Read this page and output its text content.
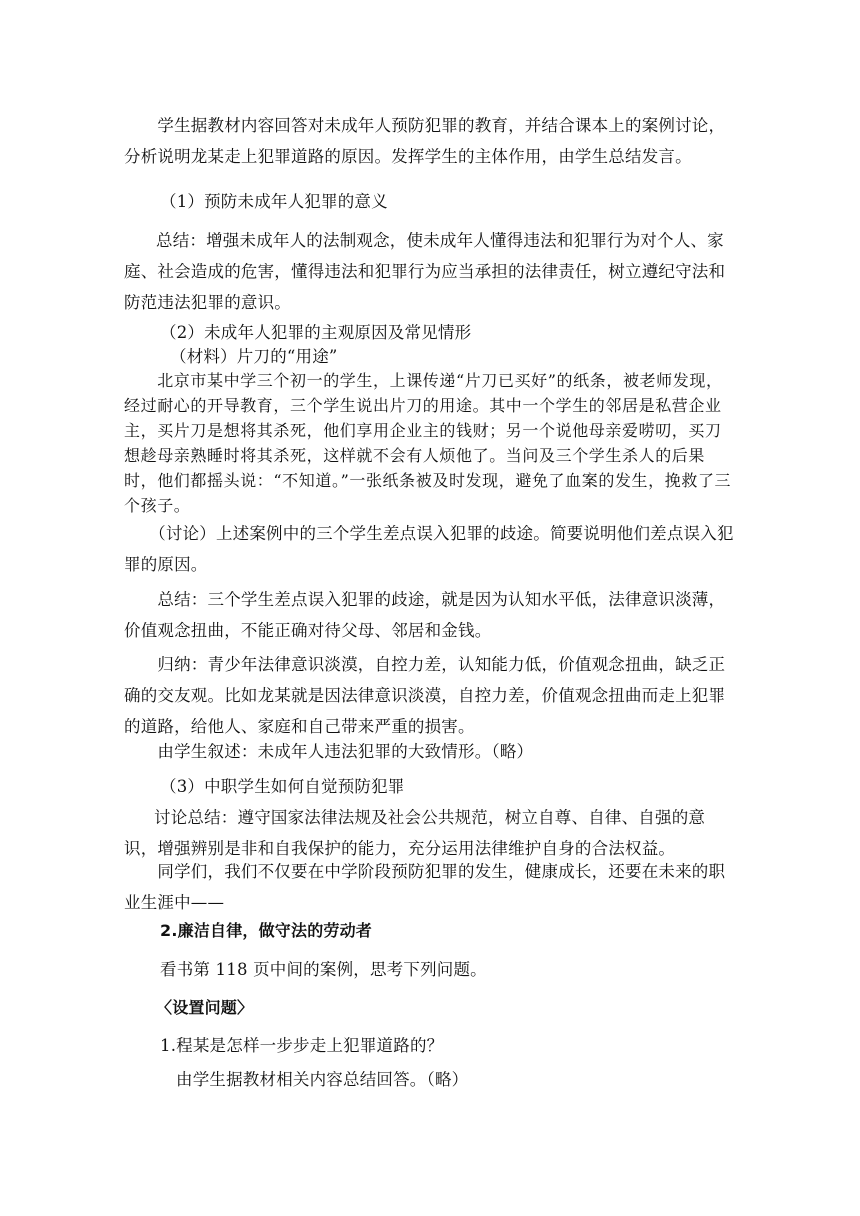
　　学生据教材内容回答对未成年人预防犯罪的教育，并结合课本上的案例讨论，分析说明龙某走上犯罪道路的原因。发挥学生的主体作用，由学生总结发言。

（1）预防未成年人犯罪的意义

总结：增强未成年人的法制观念，使未成年人懂得违法和犯罪行为对个人、家庭、社会造成的危害，懂得违法和犯罪行为应当承担的法律责任，树立遵纪守法和防范违法犯罪的意识。

（2）未成年人犯罪的主观原因及常见情形

（材料）片刀的“用途”

　　北京市某中学三个初一的学生，上课传递“片刀已买好”的纸条，被老师发现，经过耐心的开导教育，三个学生说出片刀的用途。其中一个学生的邻居是私营企业主，买片刀是想将其杀死，他们享用企业主的钱财；另一个说他母亲爱唠叨，买刀想趁母亲熟睡时将其杀死，这样就不会有人烦他了。当问及三个学生杀人的后果时，他们都摇头说：“不知道。”一张纸条被及时发现，避免了血案的发生，挽救了三个孩子。

　　（讨论）上述案例中的三个学生差点误入犯罪的歧途。简要说明他们差点误入犯罪的原因。

　　总结：三个学生差点误入犯罪的歧途，就是因为认知水平低，法律意识淡薄，价值观念扭曲，不能正确对待父母、邻居和金钱。

　　归纳：青少年法律意识淡漠，自控力差，认知能力低，价值观念扭曲，缺乏正确的交友观。比如龙某就是因法律意识淡漠，自控力差，价值观念扭曲而走上犯罪的道路，给他人、家庭和自己带来严重的损害。

　　由学生叙述：未成年人违法犯罪的大致情形。（略）

（3）中职学生如何自觉预防犯罪

讨论总结：遵守国家法律法规及社会公共规范，树立自尊、自律、自强的意识，增强辨别是非和自我保护的能力，充分运用法律维护自身的合法权益。

　　同学们，我们不仅要在中学阶段预防犯罪的发生，健康成长，还要在未来的职业生涯中——

2.廉洁自律，做守法的劳动者

看书第 118 页中间的案例，思考下列问题。

〈设置问题〉

1.程某是怎样一步步走上犯罪道路的？

由学生据教材相关内容总结回答。（略）
